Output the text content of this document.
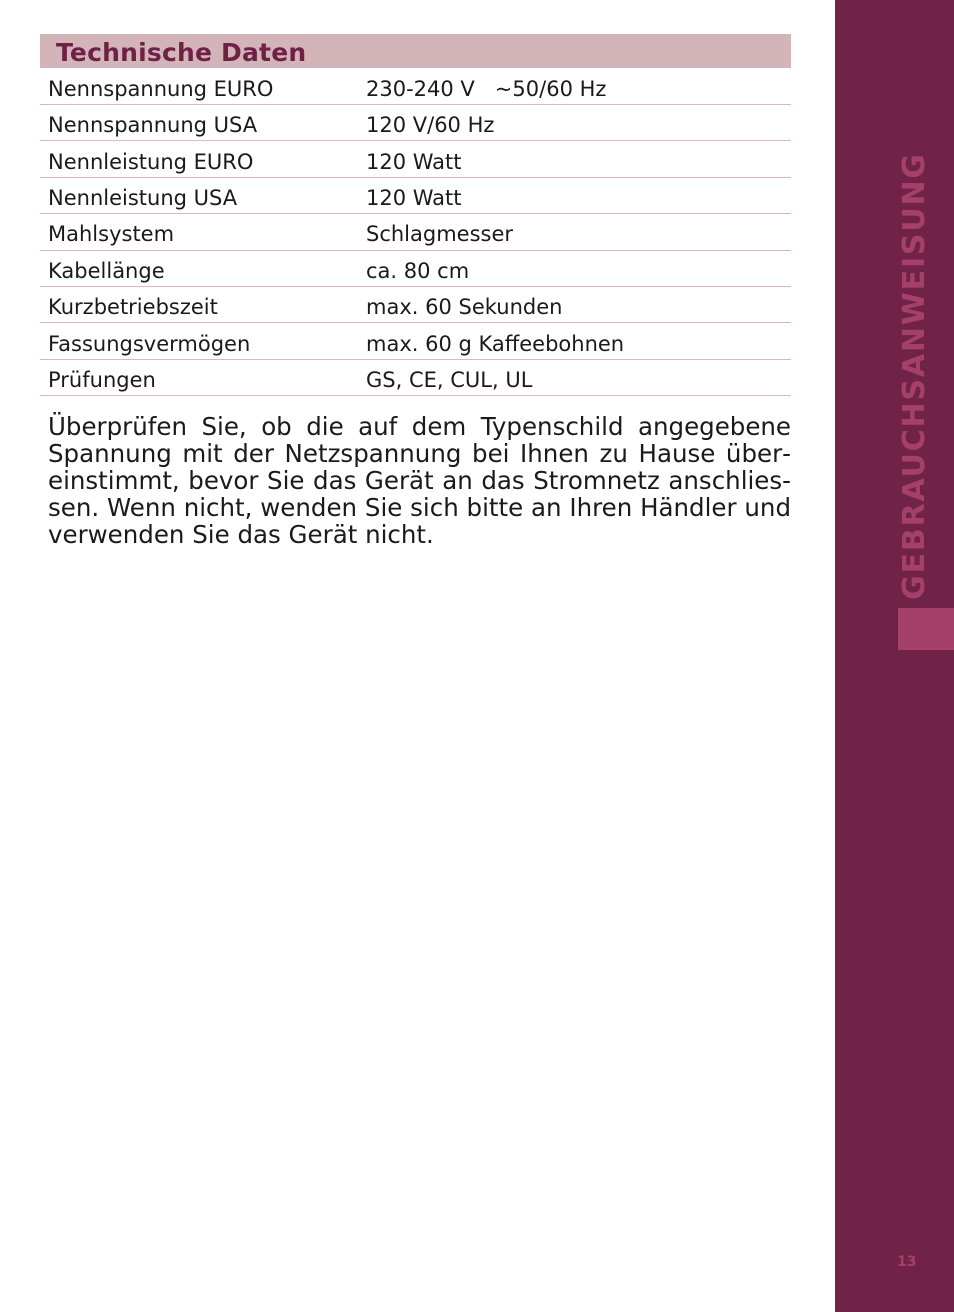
Technische Daten
Nennspannung EURO	230-240 V   ~50/60 Hz
Nennspannung USA	120 V/60 Hz
Nennleistung EURO	120 Watt
Nennleistung USA	120 Watt
Mahlsystem	Schlagmesser
Kabellänge	ca. 80 cm
Kurzbetriebszeit	max. 60 Sekunden
Fassungsvermögen	max. 60 g Kaffeebohnen
Prüfungen	GS, CE, CUL, UL

Überprüfen Sie, ob die auf dem Typenschild angegebene Spannung mit der Netzspannung bei Ihnen zu Hause übereinstimmt, bevor Sie das Gerät an das Stromnetz anschliessen. Wenn nicht, wenden Sie sich bitte an Ihren Händler und verwenden Sie das Gerät nicht.	GEBRAUCHSANWEISUNG
13
